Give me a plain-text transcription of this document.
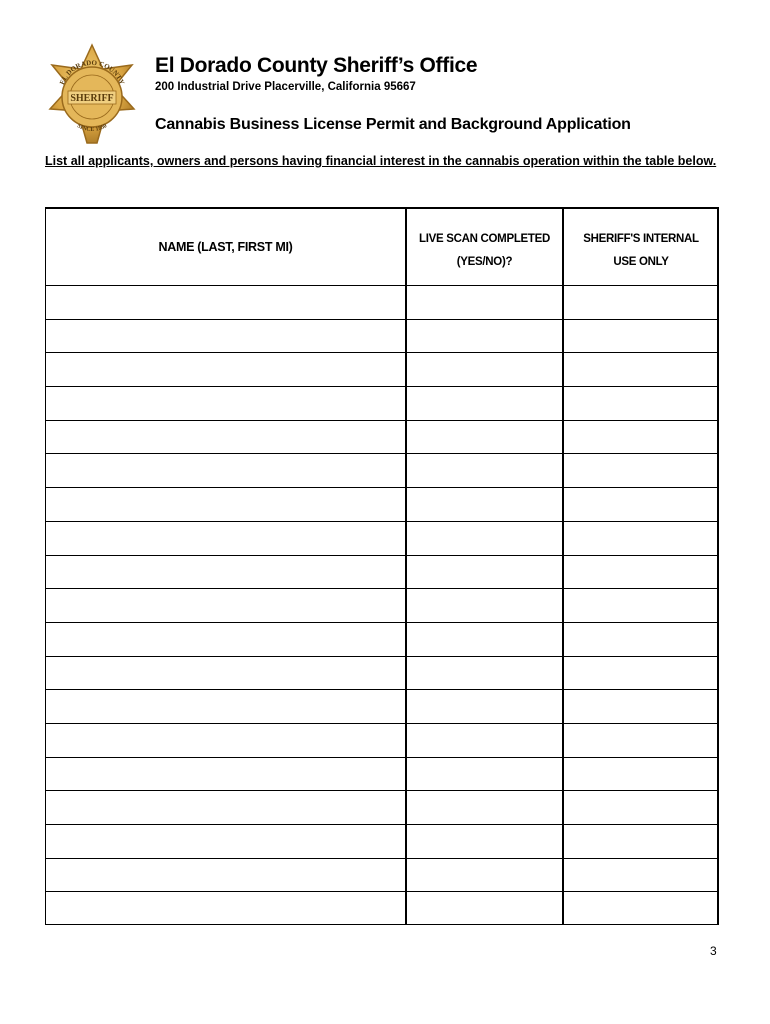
EL DORADO COUNTY
SHERIFF
SINCE 1850
El Dorado County Sheriff’s Office
200 Industrial Drive Placerville, California 95667
Cannabis Business License Permit and Background Application
List all applicants, owners and persons having financial interest in the cannabis operation within the table below.
NAME (LAST, FIRST MI)
LIVE SCAN COMPLETED
(YES/NO)?
SHERIFF'S INTERNAL
USE ONLY
3
